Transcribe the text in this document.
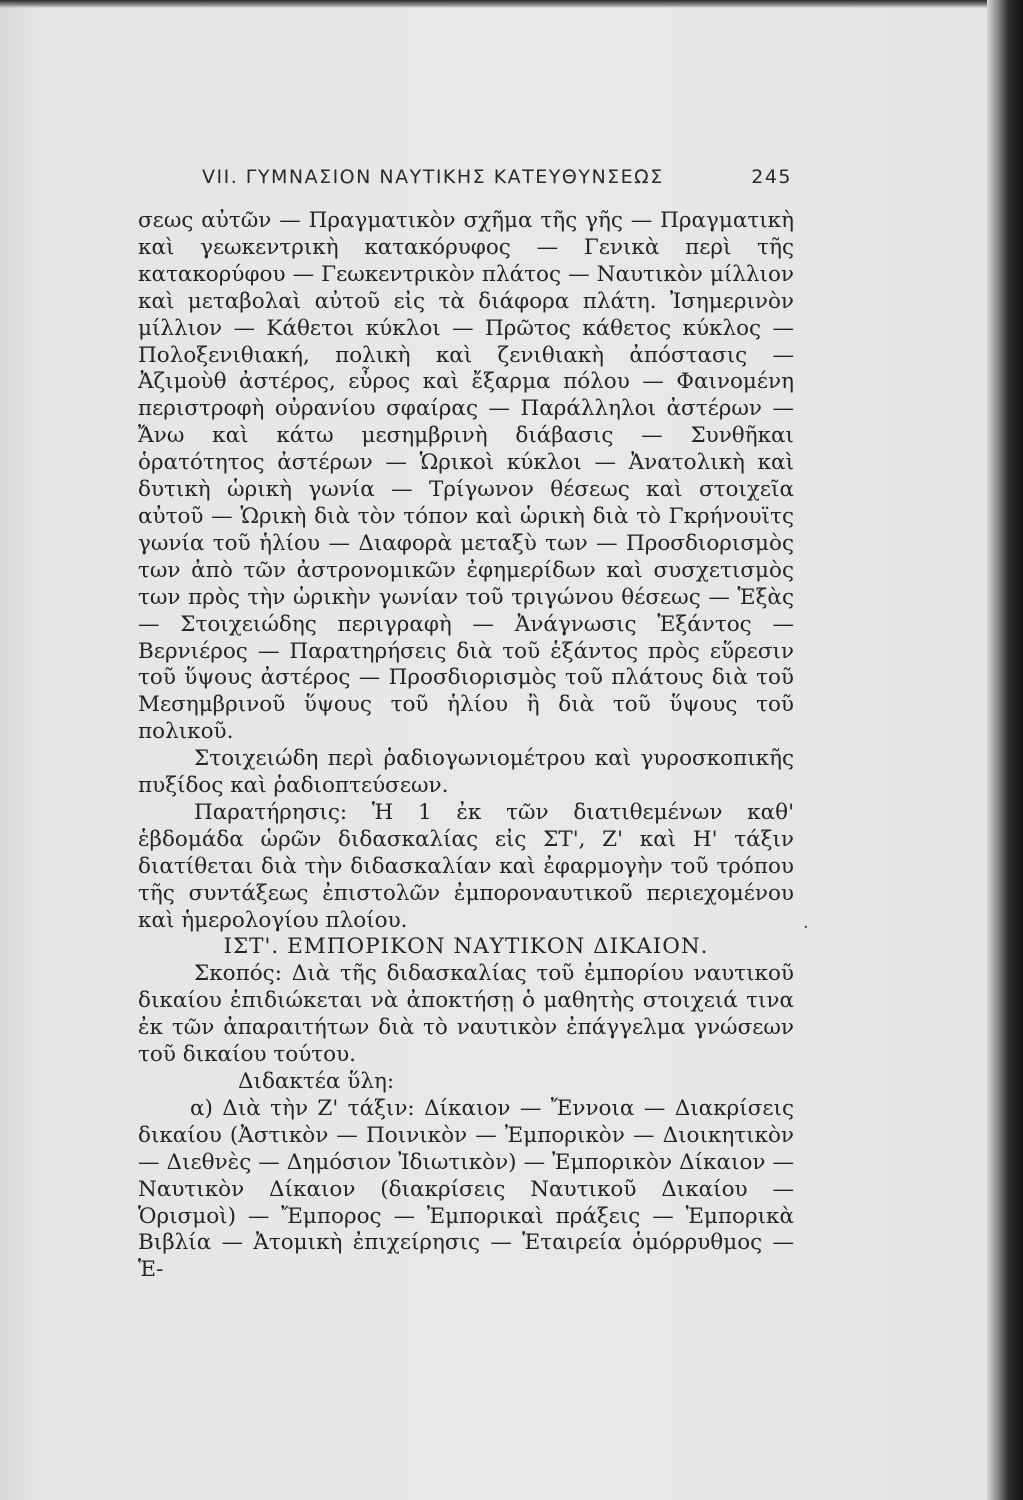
VII. ΓΥΜΝΑΣΙΟΝ ΝΑΥΤΙΚΗΣ ΚΑΤΕΥΘΥΝΣΕΩΣ	245

σεως αὐτῶν — Πραγματικὸν σχῆμα τῆς γῆς — Πραγματικὴ καὶ γεωκεντρικὴ κατακόρυφος — Γενικὰ περὶ τῆς κατακορύφου — Γεωκεντρικὸν πλάτος — Ναυτικὸν μίλλιον καὶ μεταβολαὶ αὐτοῦ εἰς τὰ διάφορα πλάτη. Ἰσημερινὸν μίλλιον — Κάθετοι κύκλοι — Πρῶτος κάθετος κύκλος — Πολοξενιθιακή, πολικὴ καὶ ζενιθιακὴ ἀπόστασις — Ἀζιμοὺθ ἀστέρος, εὖρος καὶ ἔξαρμα πόλου — Φαινομένη περιστροφὴ οὐρανίου σφαίρας — Παράλληλοι ἀστέρων — Ἄνω καὶ κάτω μεσημβρινὴ διάβασις — Συνθῆκαι ὁρατότητος ἀστέρων — Ὡρικοὶ κύκλοι — Ἀνατολικὴ καὶ δυτικὴ ὡρικὴ γωνία — Τρίγωνον θέσεως καὶ στοιχεῖα αὐτοῦ — Ὡρικὴ διὰ τὸν τόπον καὶ ὡρικὴ διὰ τὸ Γκρήνουϊτς γωνία τοῦ ἡλίου — Διαφορὰ μεταξὺ των — Προσδιορισμὸς των ἀπὸ τῶν ἀστρονομικῶν ἐφημερίδων καὶ συσχετισμὸς των πρὸς τὴν ὡρικὴν γωνίαν τοῦ τριγώνου θέσεως — Ἑξὰς — Στοιχειώδης περιγραφὴ — Ἀνάγνωσις Ἑξάντος — Βερνιέρος — Παρατηρήσεις διὰ τοῦ ἑξάντος πρὸς εὕρεσιν τοῦ ὕψους ἀστέρος — Προσδιορισμὸς τοῦ πλάτους διὰ τοῦ Μεσημβρινοῦ ὕψους τοῦ ἡλίου ἢ διὰ τοῦ ὕψους τοῦ πολικοῦ.

Στοιχειώδη περὶ ῥαδιογωνιομέτρου καὶ γυροσκοπικῆς πυξίδος καὶ ῥαδιοπτεύσεων.

Παρατήρησις: Ἡ 1 ἐκ τῶν διατιθεμένων καθ' ἑβδομάδα ὡρῶν διδασκαλίας εἰς ΣΤ', Ζ' καὶ Η' τάξιν διατίθεται διὰ τὴν διδασκαλίαν καὶ ἐφαρμογὴν τοῦ τρόπου τῆς συντάξεως ἐπιστολῶν ἐμποροναυτικοῦ περιεχομένου καὶ ἡμερολογίου πλοίου.

ΙΣΤ'. ΕΜΠΟΡΙΚΟΝ ΝΑΥΤΙΚΟΝ ΔΙΚΑΙΟΝ.

Σκοπός: Διὰ τῆς διδασκαλίας τοῦ ἐμπορίου ναυτικοῦ δικαίου ἐπιδιώκεται νὰ ἀποκτήσῃ ὁ μαθητὴς στοιχειά τινα ἐκ τῶν ἀπαραιτήτων διὰ τὸ ναυτικὸν ἐπάγγελμα γνώσεων τοῦ δικαίου τούτου.

Διδακτέα ὕλη:

α) Διὰ τὴν Ζ' τάξιν: Δίκαιον — Ἔννοια — Διακρίσεις δικαίου (Ἀστικὸν — Ποινικὸν — Ἐμπορικὸν — Διοικητικὸν — Διεθνὲς — Δημόσιον Ἰδιωτικὸν) — Ἐμπορικὸν Δίκαιον — Ναυτικὸν Δίκαιον (διακρίσεις Ναυτικοῦ Δικαίου — Ὁρισμοὶ) — Ἔμπορος — Ἐμπορικαὶ πράξεις — Ἐμπορικὰ Βιβλία — Ἀτομικὴ ἐπιχείρησις — Ἑταιρεία ὁμόρρυθμος — Ἑ-

·
